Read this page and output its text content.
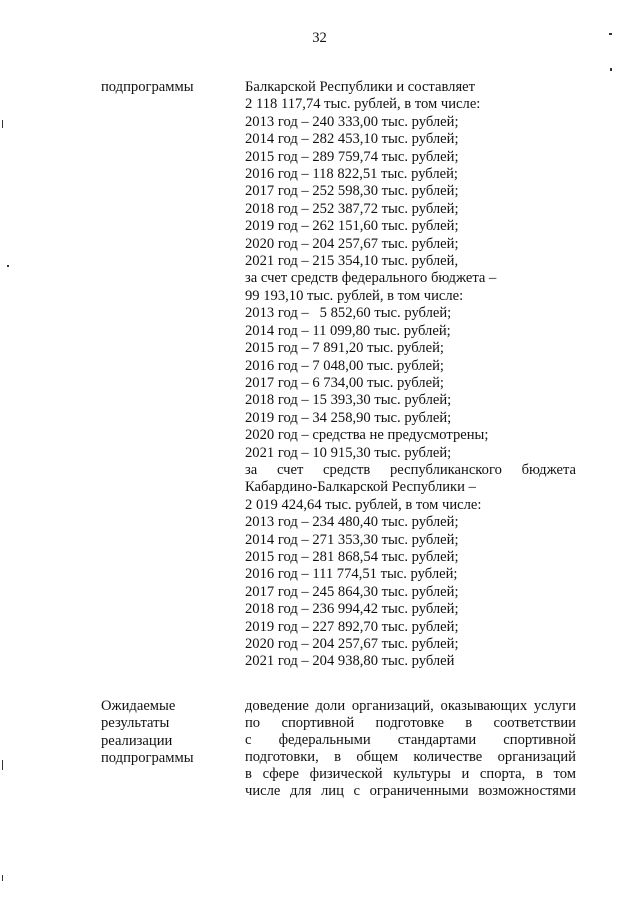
32
подпрограммы	Балкарской Республики и составляет
2 118 117,74 тыс. рублей, в том числе:
2013 год – 240 333,00 тыс. рублей;
2014 год – 282 453,10 тыс. рублей;
2015 год – 289 759,74 тыс. рублей;
2016 год – 118 822,51 тыс. рублей;
2017 год – 252 598,30 тыс. рублей;
2018 год – 252 387,72 тыс. рублей;
2019 год – 262 151,60 тыс. рублей;
2020 год – 204 257,67 тыс. рублей;
2021 год – 215 354,10 тыс. рублей,
за счет средств федерального бюджета –
99 193,10 тыс. рублей, в том числе:
2013 год –   5 852,60 тыс. рублей;
2014 год – 11 099,80 тыс. рублей;
2015 год – 7 891,20 тыс. рублей;
2016 год – 7 048,00 тыс. рублей;
2017 год – 6 734,00 тыс. рублей;
2018 год – 15 393,30 тыс. рублей;
2019 год – 34 258,90 тыс. рублей;
2020 год – средства не предусмотрены;
2021 год – 10 915,30 тыс. рублей;
за счет средств республиканского бюджета
Кабардино-Балкарской Республики –
2 019 424,64 тыс. рублей, в том числе:
2013 год – 234 480,40 тыс. рублей;
2014 год – 271 353,30 тыс. рублей;
2015 год – 281 868,54 тыс. рублей;
2016 год – 111 774,51 тыс. рублей;
2017 год – 245 864,30 тыс. рублей;
2018 год – 236 994,42 тыс. рублей;
2019 год – 227 892,70 тыс. рублей;
2020 год – 204 257,67 тыс. рублей;
2021 год – 204 938,80 тыс. рублей
Ожидаемые
результаты
реализации
подпрограммы
доведение доли организаций, оказывающих услуги
по спортивной подготовке в соответствии
с федеральными стандартами спортивной
подготовки, в общем количестве организаций
в сфере физической культуры и спорта, в том
числе для лиц с ограниченными возможностями
